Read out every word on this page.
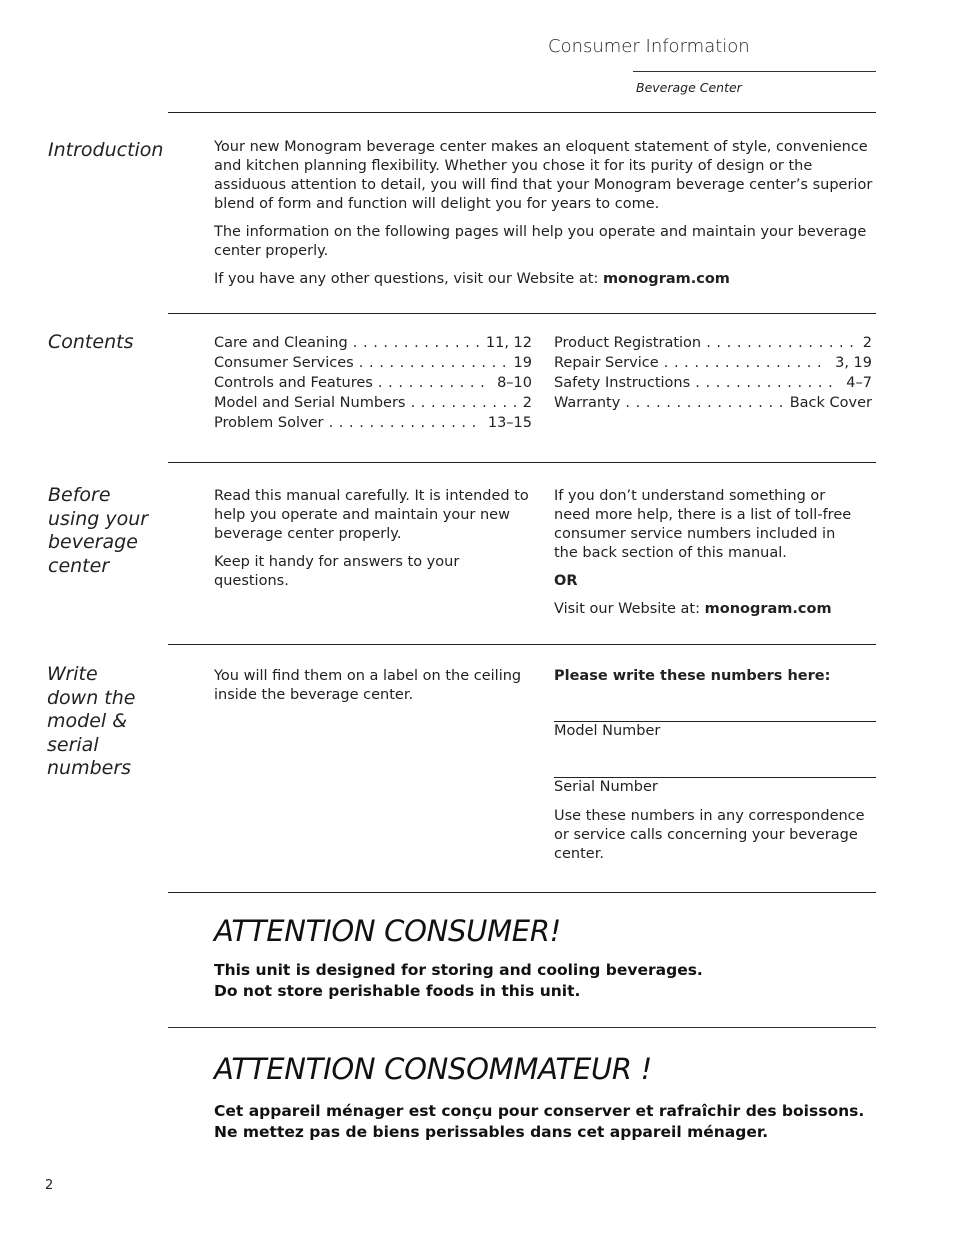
Consumer Information
Beverage Center
Introduction	Your new Monogram beverage center makes an eloquent statement of style, convenience and kitchen planning flexibility. Whether you chose it for its purity of design or the assiduous attention to detail, you will find that your Monogram beverage center’s superior blend of form and function will delight you for years to come.

The information on the following pages will help you operate and maintain your beverage center properly.

If you have any other questions, visit our Website at: monogram.com

Contents	Care and Cleaning . . . . . . . . . . . . . 11, 12
Consumer Services . . . . . . . . . . . . . . . 19
Controls and Features . . . . . . . . . . . 8–10
Model and Serial Numbers . . . . . . . . . . . 2
Problem Solver . . . . . . . . . . . . . . . 13–15
Product Registration . . . . . . . . . . . . . . . 2
Repair Service . . . . . . . . . . . . . . . . 3, 19
Safety Instructions . . . . . . . . . . . . . . 4–7
Warranty . . . . . . . . . . . . . . . . Back Cover
Before
using your
beverage
center

Read this manual carefully. It is intended to help you operate and maintain your new beverage center properly.

Keep it handy for answers to your questions.

If you don’t understand something or need more help, there is a list of toll-free consumer service numbers included in the back section of this manual.

OR

Visit our Website at: monogram.com

Write
down the
model &
serial
numbers

You will find them on a label on the ceiling inside the beverage center.

Please write these numbers here:
Model Number
Serial Number

Use these numbers in any correspondence or service calls concerning your beverage center.

ATTENTION CONSUMER!
This unit is designed for storing and cooling beverages.
Do not store perishable foods in this unit.
ATTENTION CONSOMMATEUR !
Cet appareil ménager est conçu pour conserver et rafraîchir des boissons.
Ne mettez pas de biens perissables dans cet appareil ménager.
2
